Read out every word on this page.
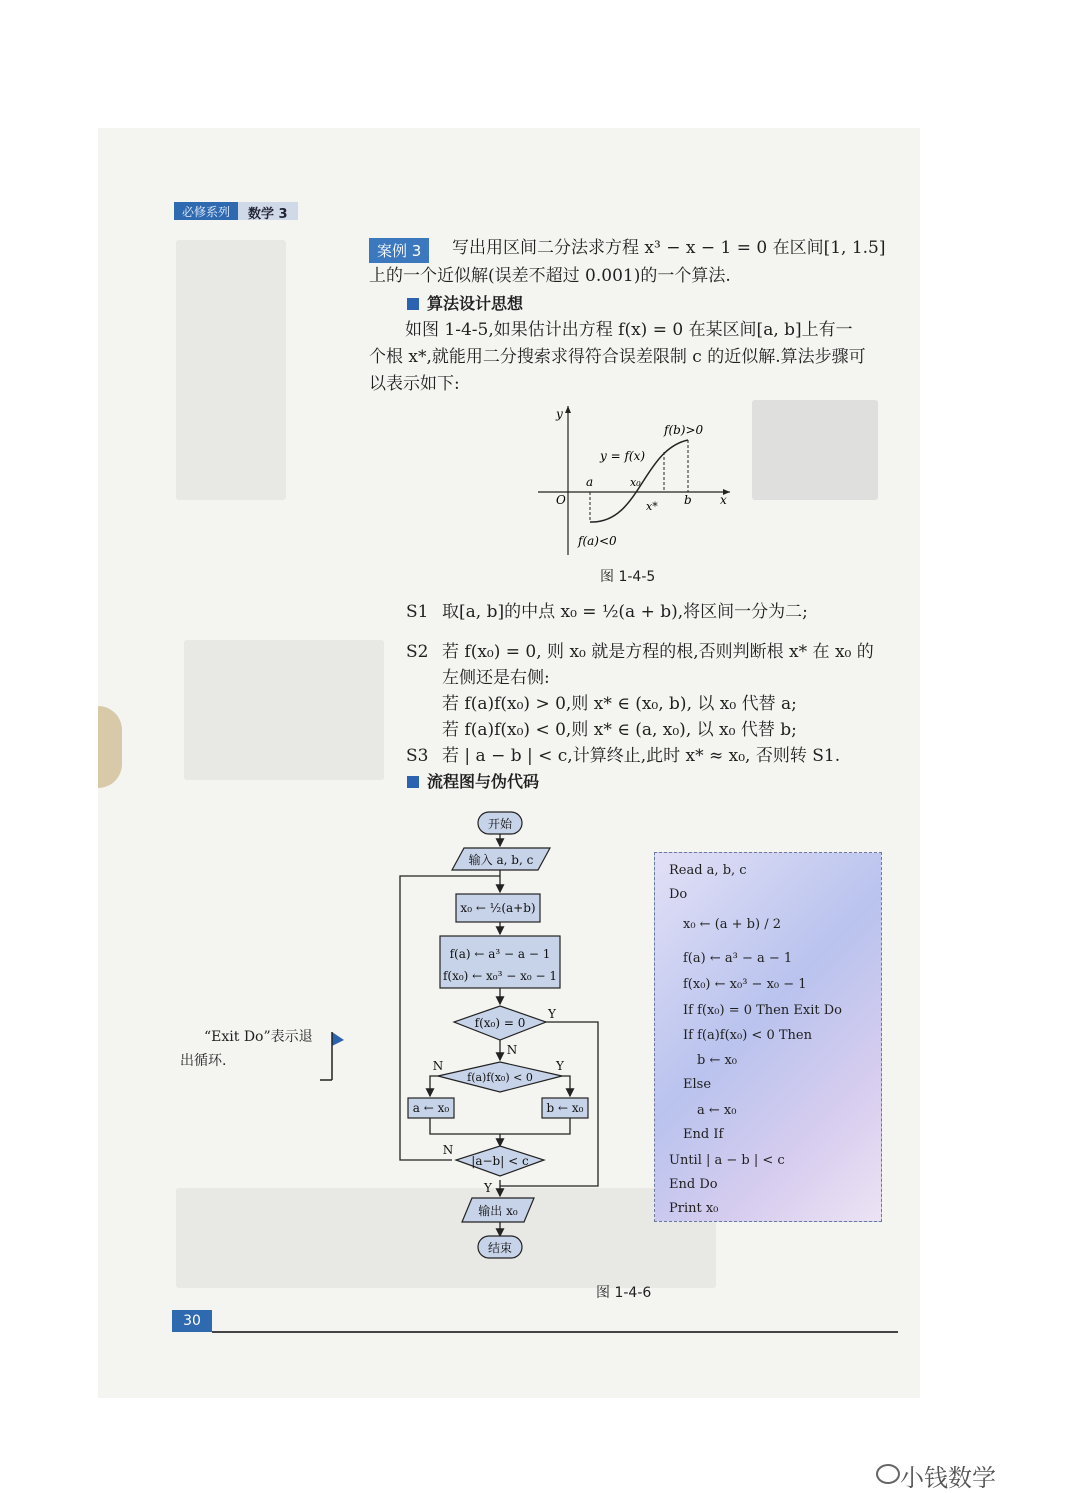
必修系列	数学 3
案例 3	写出用区间二分法求方程 x³ − x − 1 = 0 在区间[1, 1.5]
上的一个近似解(误差不超过 0.001)的一个算法.
算法设计思想
如图 1-4-5,如果估计出方程 f(x) = 0 在某区间[a, b]上有一
个根 x*,就能用二分搜索求得符合误差限制 c 的近似解.算法步骤可
以表示如下:
y
x
O
a
b
x₀
x*
f(b)>0
f(a)<0
y = f(x)
图 1-4-5
S1 取[a, b]的中点 x₀ = ½(a + b),将区间一分为二;
S2 若 f(x₀) = 0, 则 x₀ 就是方程的根,否则判断根 x* 在 x₀ 的
左侧还是右侧:
若 f(a)f(x₀) > 0,则 x* ∈ (x₀, b), 以 x₀ 代替 a;
若 f(a)f(x₀) < 0,则 x* ∈ (a, x₀), 以 x₀ 代替 b;
S3 若 | a − b | < c,计算终止,此时 x* ≈ x₀, 否则转 S1.
流程图与伪代码
“Exit Do”表示退
出循环.
开始
输入 a, b, c
x₀ ← ½(a+b)
f(a) ← a³ − a − 1
f(x₀) ← x₀³ − x₀ − 1
f(x₀) = 0
f(a)f(x₀) < 0
a ← x₀	b ← x₀
|a−b| < c
输出 x₀
结束
Y
N
N	Y
N
Y
Read a, b, c
Do
x₀ ← (a + b) / 2
f(a) ← a³ − a − 1
f(x₀) ← x₀³ − x₀ − 1
If f(x₀) = 0 Then Exit Do
If f(a)f(x₀) < 0 Then
b ← x₀
Else
a ← x₀
End If
Until | a − b | < c
End Do
Print x₀
图 1-4-6
30
小钱数学
